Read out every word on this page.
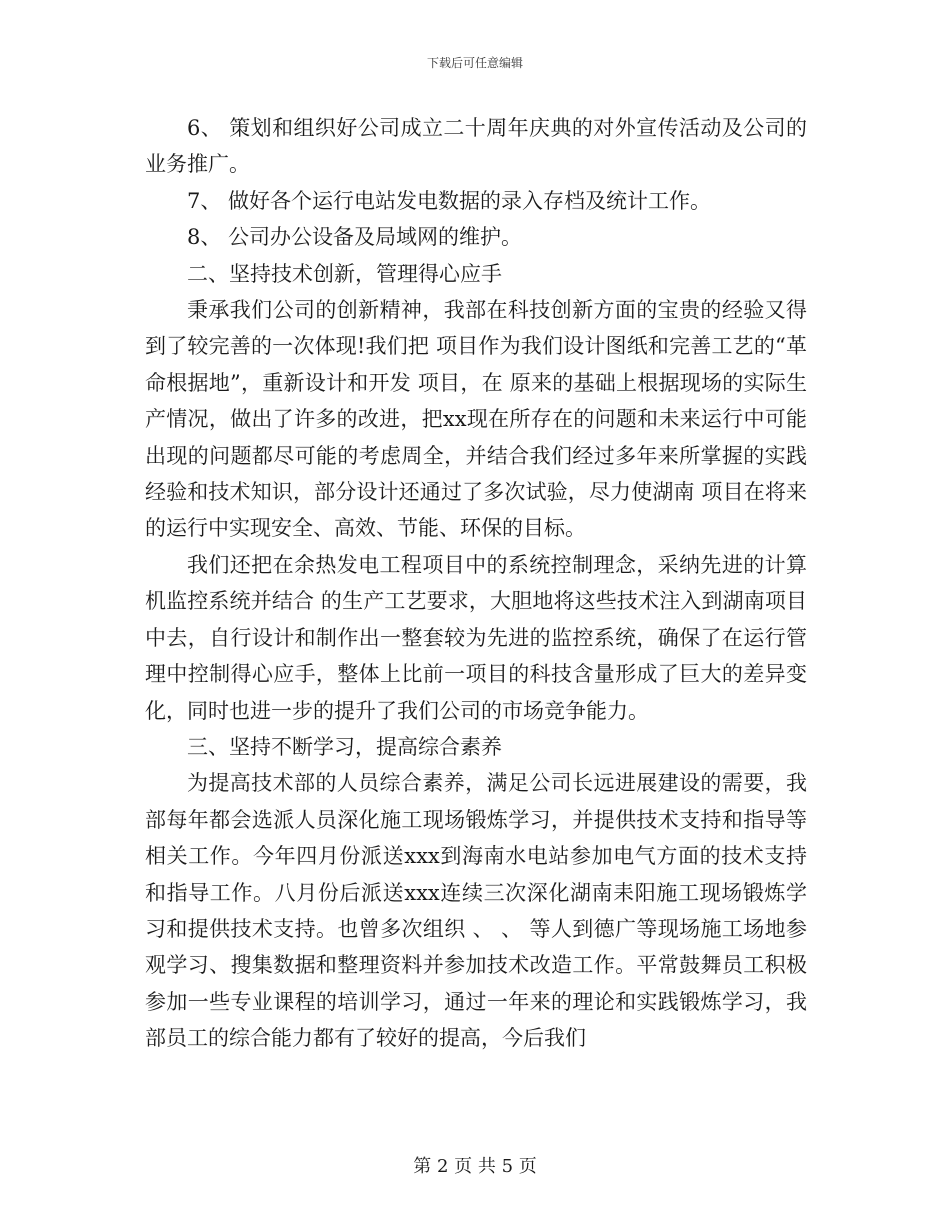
下载后可任意编辑

6、 策划和组织好公司成立二十周年庆典的对外宣传活动及公司的业务推广。

7、 做好各个运行电站发电数据的录入存档及统计工作。

8、 公司办公设备及局域网的维护。

二、坚持技术创新，管理得心应手

秉承我们公司的创新精神，我部在科技创新方面的宝贵的经验又得到了较完善的一次体现!我们把 项目作为我们设计图纸和完善工艺的“革命根据地”，重新设计和开发 项目，在 原来的基础上根据现场的实际生产情况，做出了许多的改进，把xx现在所存在的问题和未来运行中可能出现的问题都尽可能的考虑周全，并结合我们经过多年来所掌握的实践经验和技术知识，部分设计还通过了多次试验，尽力使湖南 项目在将来的运行中实现安全、高效、节能、环保的目标。

我们还把在余热发电工程项目中的系统控制理念，采纳先进的计算机监控系统并结合 的生产工艺要求，大胆地将这些技术注入到湖南项目中去，自行设计和制作出一整套较为先进的监控系统，确保了在运行管理中控制得心应手，整体上比前一项目的科技含量形成了巨大的差异变化，同时也进一步的提升了我们公司的市场竞争能力。

三、坚持不断学习，提高综合素养

为提高技术部的人员综合素养，满足公司长远进展建设的需要，我部每年都会选派人员深化施工现场锻炼学习，并提供技术支持和指导等相关工作。今年四月份派送xxx到海南水电站参加电气方面的技术支持和指导工作。八月份后派送xxx连续三次深化湖南耒阳施工现场锻炼学习和提供技术支持。也曾多次组织 、 、 等人到德广等现场施工场地参观学习、搜集数据和整理资料并参加技术改造工作。平常鼓舞员工积极参加一些专业课程的培训学习，通过一年来的理论和实践锻炼学习，我部员工的综合能力都有了较好的提高，今后我们

第 2 页 共 5 页
